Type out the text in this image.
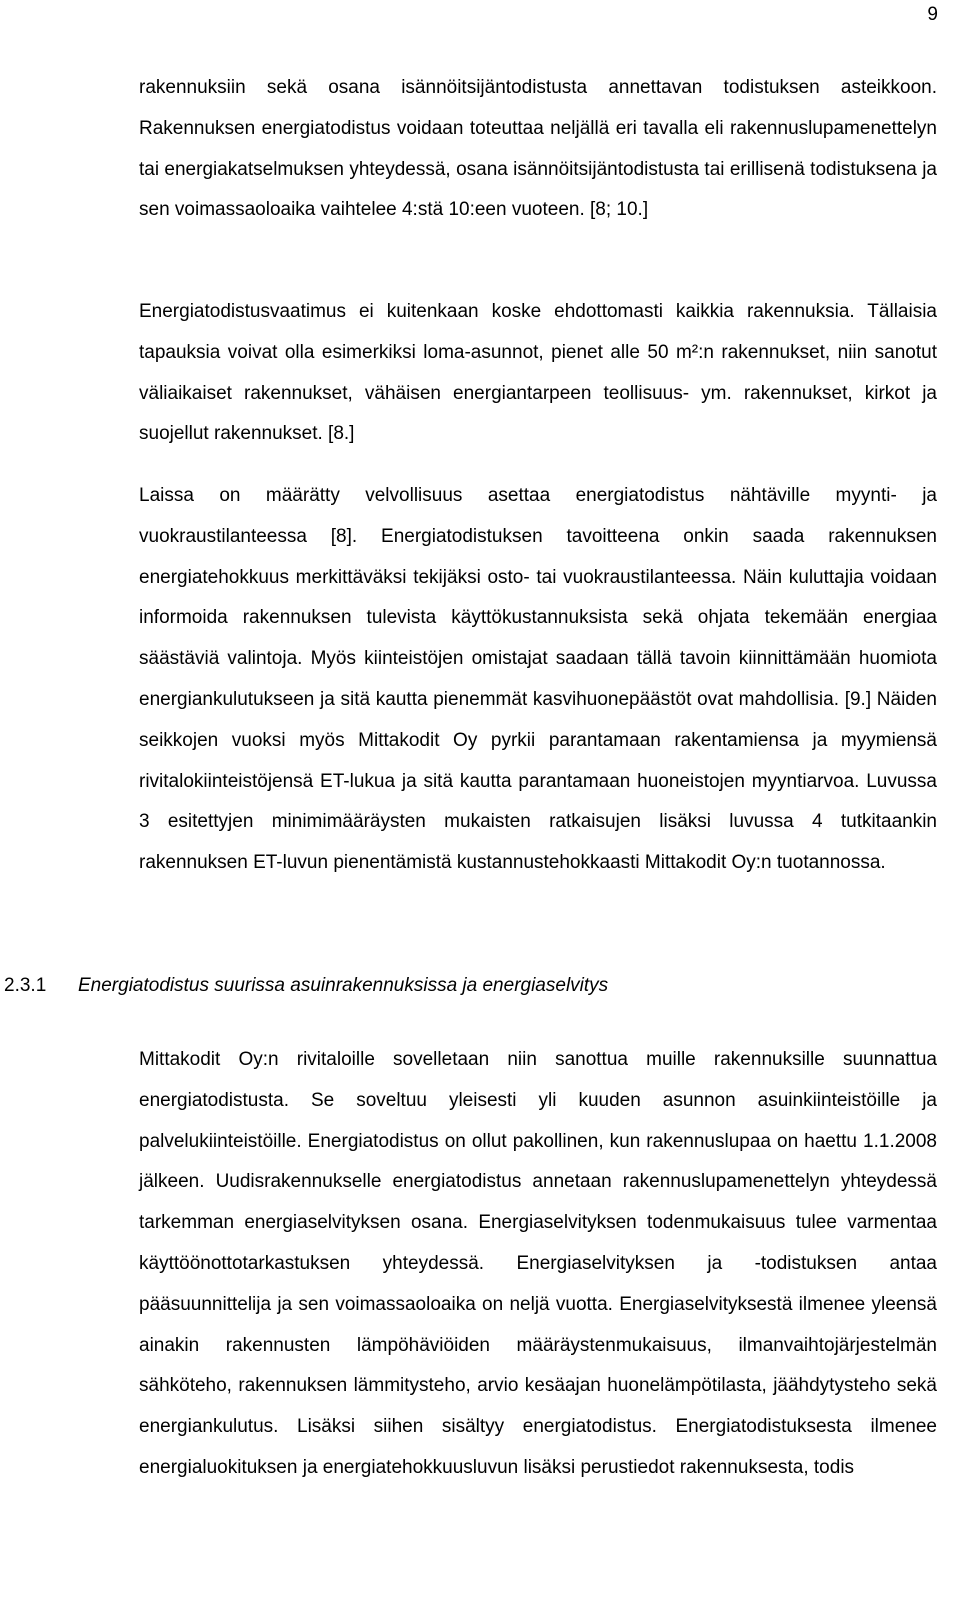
9

rakennuksiin sekä osana isännöitsijäntodistusta annettavan todistuksen asteikkoon. Rakennuksen energiatodistus voidaan toteuttaa neljällä eri tavalla eli rakennuslupamenettelyn tai energiakatselmuksen yhteydessä, osana isännöitsijäntodistusta tai erillisenä todistuksena ja sen voimassaoloaika vaihtelee 4:stä 10:een vuoteen. [8; 10.]

Energiatodistusvaatimus ei kuitenkaan koske ehdottomasti kaikkia rakennuksia. Tällaisia tapauksia voivat olla esimerkiksi loma-asunnot, pienet alle 50 m²:n rakennukset, niin sanotut väliaikaiset rakennukset, vähäisen energiantarpeen teollisuus- ym. rakennukset, kirkot ja suojellut rakennukset. [8.]

Laissa on määrätty velvollisuus asettaa energiatodistus nähtäville myynti- ja vuokraustilanteessa [8]. Energiatodistuksen tavoitteena onkin saada rakennuksen energiatehokkuus merkittäväksi tekijäksi osto- tai vuokraustilanteessa. Näin kuluttajia voidaan informoida rakennuksen tulevista käyttökustannuksista sekä ohjata tekemään energiaa säästäviä valintoja. Myös kiinteistöjen omistajat saadaan tällä tavoin kiinnittämään huomiota energiankulutukseen ja sitä kautta pienemmät kasvihuonepäästöt ovat mahdollisia. [9.] Näiden seikkojen vuoksi myös Mittakodit Oy pyrkii parantamaan rakentamiensa ja myymiensä rivitalokiinteistöjensä ET-lukua ja sitä kautta parantamaan huoneistojen myyntiarvoa. Luvussa 3 esitettyjen minimimääräysten mukaisten ratkaisujen lisäksi luvussa 4 tutkitaankin rakennuksen ET-luvun pienentämistä kustannustehokkaasti Mittakodit Oy:n tuotannossa.

2.3.1 Energiatodistus suurissa asuinrakennuksissa ja energiaselvitys

Mittakodit Oy:n rivitaloille sovelletaan niin sanottua muille rakennuksille suunnattua energiatodistusta. Se soveltuu yleisesti yli kuuden asunnon asuinkiinteistöille ja palvelukiinteistöille. Energiatodistus on ollut pakollinen, kun rakennuslupaa on haettu 1.1.2008 jälkeen. Uudisrakennukselle energiatodistus annetaan rakennuslupamenettelyn yhteydessä tarkemman energiaselvityksen osana. Energiaselvityksen todenmukaisuus tulee varmentaa käyttöönottotarkastuksen yhteydessä. Energiaselvityksen ja -todistuksen antaa pääsuunnittelija ja sen voimassaoloaika on neljä vuotta. Energiaselvityksestä ilmenee yleensä ainakin rakennusten lämpöhäviöiden määräystenmukaisuus, ilmanvaihtojärjestelmän sähköteho, rakennuksen lämmitysteho, arvio kesäajan huonelämpötilasta, jäähdytysteho sekä energiankulutus. Lisäksi siihen sisältyy energiatodistus. Energiatodistuksesta ilmenee energialuokituksen ja energiatehokkuusluvun lisäksi perustiedot rakennuksesta, todis
